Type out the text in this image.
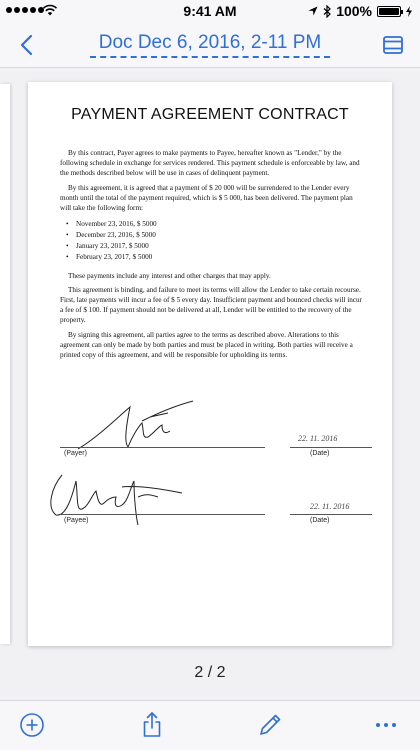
9:41 AM	100%
Doc Dec 6, 2016, 2-11 PM
PAYMENT AGREEMENT CONTRACT

By this contract, Payer agrees to make payments to Payee, hereafter known as "Lender," by the following schedule in exchange for services rendered. This payment schedule is enforceable by law, and the methods described below will be use in cases of delinquent payment.

By this agreement, it is agreed that a payment of $ 20 000 will be surrendered to the Lender every month until the total of the payment required, which is $ 5 000, has been delivered. The payment plan will take the following form:

• November 23, 2016, $ 5000
• December 23, 2016, $ 5000
• January 23, 2017, $ 5000
• February 23, 2017, $ 5000

These payments include any interest and other charges that may apply.

This agreement is binding, and failure to meet its terms will allow the Lender to take certain recourse. First, late payments will incur a fee of $ 5 every day. Insufficient payment and bounced checks will incur a fee of $ 100. If payment should not be delivered at all, Lender will be entitled to the recovery of the property.

By signing this agreement, all parties agree to the terms as described above. Alterations to this agreement can only be made by both parties and must be placed in writing. Both parties will receive a printed copy of this agreement, and will be responsible for upholding its terms.

(Payer)
22. 11. 2016
(Date)
(Payee)
22. 11. 2016
(Date)
2 / 2
